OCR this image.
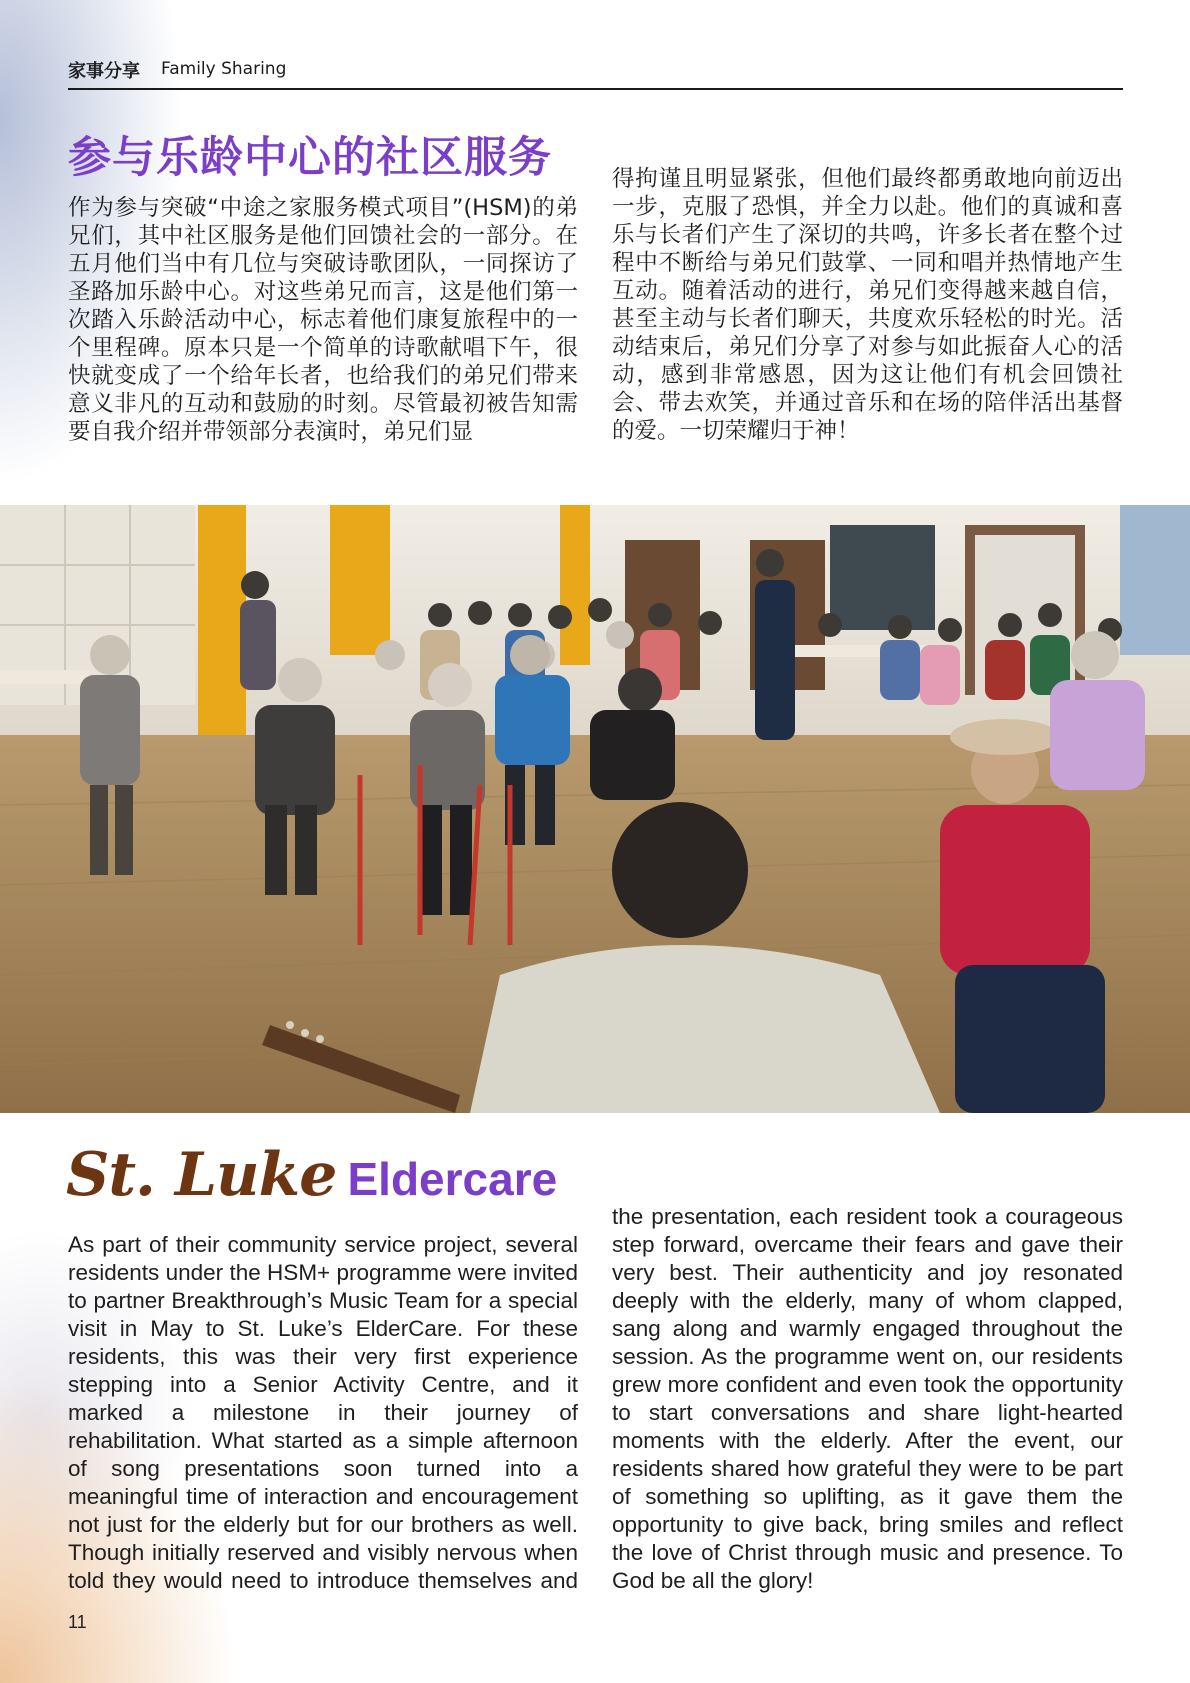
家事分享 Family Sharing
参与乐龄中心的社区服务
作为参与突破“中途之家服务模式项目”(HSM)的弟兄们，其中社区服务是他们回馈社会的一部分。在五月他们当中有几位与突破诗歌团队，一同探访了圣路加乐龄中心。对这些弟兄而言，这是他们第一次踏入乐龄活动中心，标志着他们康复旅程中的一个里程碑。原本只是一个简单的诗歌献唱下午，很快就变成了一个给年长者，也给我们的弟兄们带来意义非凡的互动和鼓励的时刻。尽管最初被告知需要自我介绍并带领部分表演时，弟兄们显
得拘谨且明显紧张，但他们最终都勇敢地向前迈出一步，克服了恐惧，并全力以赴。他们的真诚和喜乐与长者们产生了深切的共鸣，许多长者在整个过程中不断给与弟兄们鼓掌、一同和唱并热情地产生互动。随着活动的进行，弟兄们变得越来越自信，甚至主动与长者们聊天，共度欢乐轻松的时光。活动结束后，弟兄们分享了对参与如此振奋人心的活动，感到非常感恩，因为这让他们有机会回馈社会、带去欢笑，并通过音乐和在场的陪伴活出基督的爱。一切荣耀归于神！
St. Luke Eldercare
As part of their community service project, several residents under the HSM+ programme were invited to partner Breakthrough’s Music Team for a special visit in May to St. Luke’s ElderCare. For these residents, this was their very first experience stepping into a Senior Activity Centre, and it marked a milestone in their journey of rehabilitation. What started as a simple afternoon of song presentations soon turned into a meaningful time of interaction and encouragement not just for the elderly but for our brothers as well. Though initially reserved and visibly nervous when told they would need to introduce themselves and
the presentation, each resident took a courageous step forward, overcame their fears and gave their very best. Their authenticity and joy resonated deeply with the elderly, many of whom clapped, sang along and warmly engaged throughout the session. As the programme went on, our residents grew more confident and even took the opportunity to start conversations and share light-hearted moments with the elderly. After the event, our residents shared how grateful they were to be part of something so uplifting, as it gave them the opportunity to give back, bring smiles and reflect the love of Christ through music and presence. To God be all the glory!
11
